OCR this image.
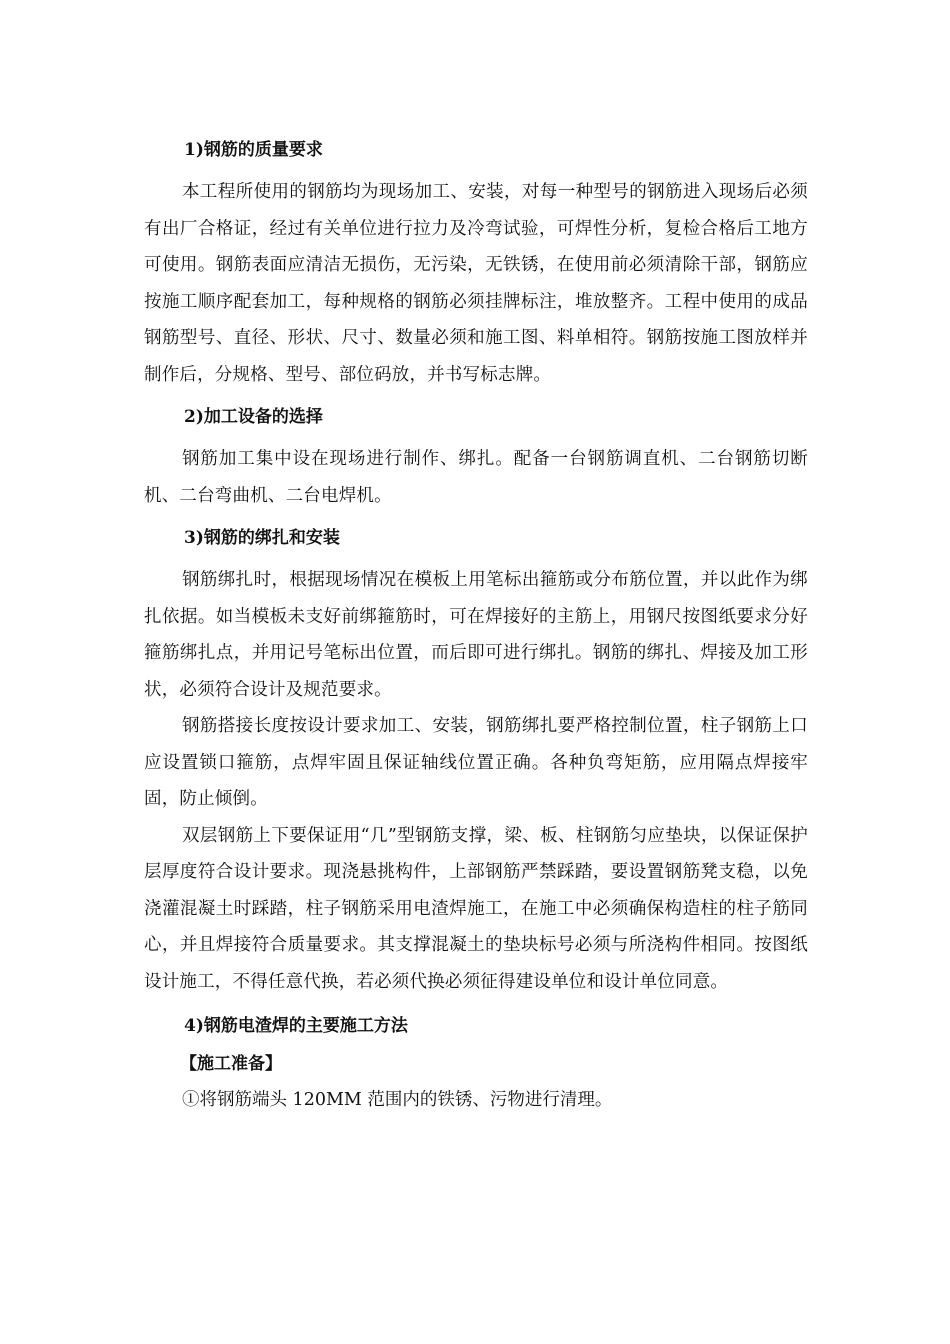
1)钢筋的质量要求

本工程所使用的钢筋均为现场加工、安装，对每一种型号的钢筋进入现场后必须有出厂合格证，经过有关单位进行拉力及冷弯试验，可焊性分析，复检合格后工地方可使用。钢筋表面应清洁无损伤，无污染，无铁锈，在使用前必须清除干部，钢筋应按施工顺序配套加工，每种规格的钢筋必须挂牌标注，堆放整齐。工程中使用的成品钢筋型号、直径、形状、尺寸、数量必须和施工图、料单相符。钢筋按施工图放样并制作后，分规格、型号、部位码放，并书写标志牌。

2)加工设备的选择

钢筋加工集中设在现场进行制作、绑扎。配备一台钢筋调直机、二台钢筋切断机、二台弯曲机、二台电焊机。

3)钢筋的绑扎和安装

钢筋绑扎时，根据现场情况在模板上用笔标出箍筋或分布筋位置，并以此作为绑扎依据。如当模板未支好前绑箍筋时，可在焊接好的主筋上，用钢尺按图纸要求分好箍筋绑扎点，并用记号笔标出位置，而后即可进行绑扎。钢筋的绑扎、焊接及加工形状，必须符合设计及规范要求。

钢筋搭接长度按设计要求加工、安装，钢筋绑扎要严格控制位置，柱子钢筋上口应设置锁口箍筋，点焊牢固且保证轴线位置正确。各种负弯矩筋，应用隔点焊接牢固，防止倾倒。

双层钢筋上下要保证用“几”型钢筋支撑，梁、板、柱钢筋匀应垫块，以保证保护层厚度符合设计要求。现浇悬挑构件，上部钢筋严禁踩踏，要设置钢筋凳支稳，以免浇灌混凝土时踩踏，柱子钢筋采用电渣焊施工，在施工中必须确保构造柱的柱子筋同心，并且焊接符合质量要求。其支撑混凝土的垫块标号必须与所浇构件相同。按图纸设计施工，不得任意代换，若必须代换必须征得建设单位和设计单位同意。

4)钢筋电渣焊的主要施工方法
【施工准备】

①将钢筋端头 120MM 范围内的铁锈、污物进行清理。
